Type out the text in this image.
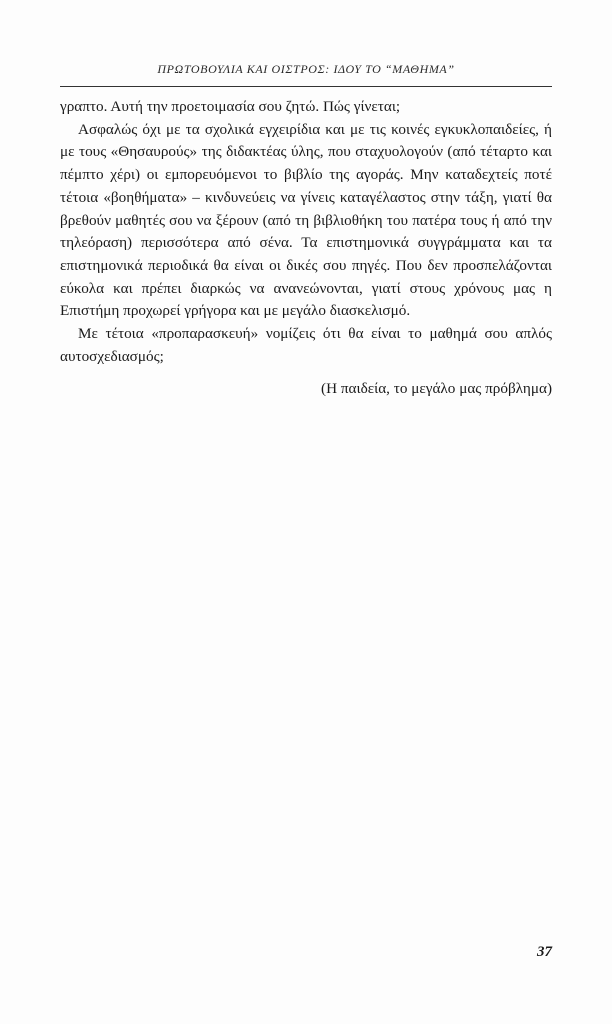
ΠΡΩΤΟΒΟΥΛΙΑ ΚΑΙ ΟΙΣΤΡΟΣ: ΙΔΟΥ ΤΟ “ΜΑΘΗΜΑ”

γραπτο. Αυτή την προετοιμασία σου ζητώ. Πώς γίνεται;

Ασφαλώς όχι με τα σχολικά εγχειρίδια και με τις κοινές εγκυκλοπαιδείες, ή με τους «Θησαυρούς» της διδακτέας ύλης, που σταχυολογούν (από τέταρτο και πέμπτο χέρι) οι εμπορευόμενοι το βιβλίο της αγοράς. Μην καταδεχτείς ποτέ τέτοια «βοηθήματα» – κινδυνεύεις να γίνεις καταγέλαστος στην τάξη, γιατί θα βρεθούν μαθητές σου να ξέρουν (από τη βιβλιοθήκη του πατέρα τους ή από την τηλεόραση) περισσότερα από σένα. Τα επιστημονικά συγγράμματα και τα επιστημονικά περιοδικά θα είναι οι δικές σου πηγές. Που δεν προσπελάζονται εύκολα και πρέπει διαρκώς να ανανεώνονται, γιατί στους χρόνους μας η Επιστήμη προχωρεί γρήγορα και με μεγάλο διασκελισμό.

Με τέτοια «προπαρασκευή» νομίζεις ότι θα είναι το μαθημά σου απλός αυτοσχεδιασμός;

(Η παιδεία, το μεγάλο μας πρόβλημα)
37
